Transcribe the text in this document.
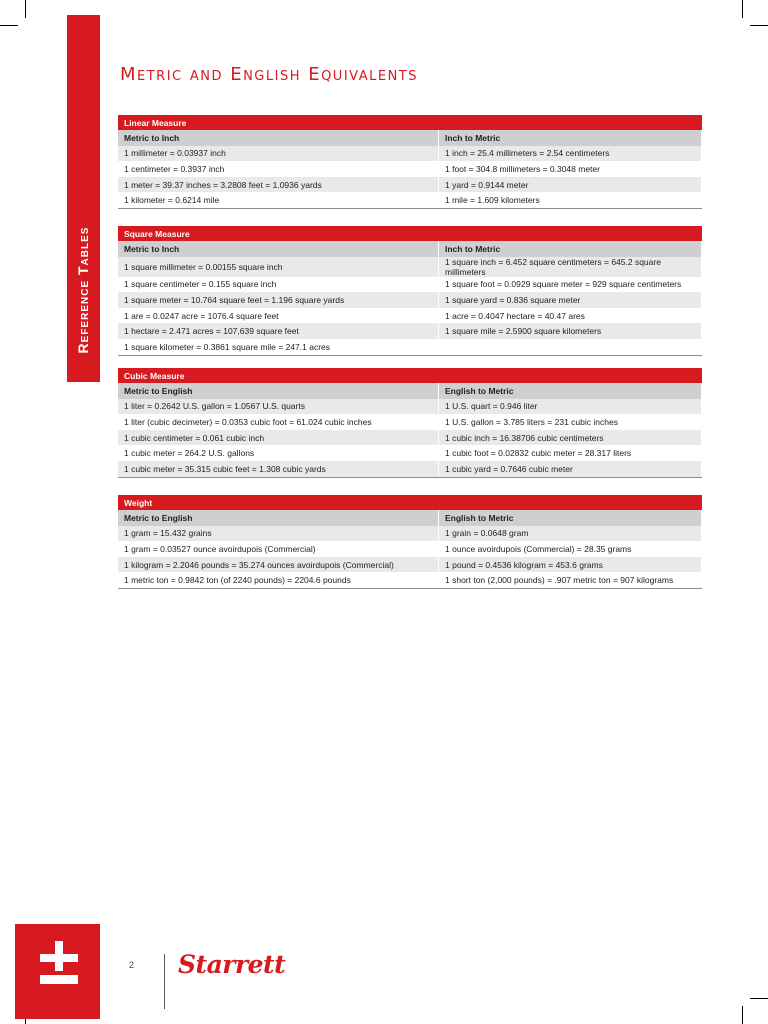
Reference Tables
Metric and English Equivalents
Linear Measure	
Metric to Inch	Inch to Metric
1 millimeter = 0.03937 inch	1 inch = 25.4 millimeters = 2.54 centimeters
1 centimeter = 0.3937 inch	1 foot = 304.8 millimeters = 0.3048 meter
1 meter = 39.37 inches = 3.2808 feet = 1.0936 yards	1 yard = 0.9144 meter
1 kilometer = 0.6214 mile	1 mile = 1.609 kilometers
Square Measure	
Metric to Inch	Inch to Metric
1 square millimeter = 0.00155 square inch	1 square inch = 6.452 square centimeters = 645.2 square millimeters
1 square centimeter = 0.155 square inch	1 square foot = 0.0929 square meter = 929 square centimeters
1 square meter = 10.764 square feet = 1.196 square yards	1 square yard = 0.836 square meter
1 are = 0.0247 acre = 1076.4 square feet	1 acre = 0.4047 hectare = 40.47 ares
1 hectare = 2.471 acres = 107,639 square feet	1 square mile = 2.5900 square kilometers
1 square kilometer = 0.3861 square mile = 247.1 acres	
Cubic Measure	
Metric to English	English to Metric
1 liter = 0.2642 U.S. gallon = 1.0567 U.S. quarts	1 U.S. quart = 0.946 liter
1 liter (cubic decimeter) = 0.0353 cubic foot = 61.024 cubic inches	1 U.S. gallon = 3.785 liters = 231 cubic inches
1 cubic centimeter = 0.061 cubic inch	1 cubic inch = 16.38706 cubic centimeters
1 cubic meter = 264.2 U.S. gallons	1 cubic foot = 0.02832 cubic meter = 28.317 liters
1 cubic meter = 35.315 cubic feet = 1.308 cubic yards	1 cubic yard = 0.7646 cubic meter
Weight	
Metric to English	English to Metric
1 gram = 15.432 grains	1 grain = 0.0648 gram
1 gram = 0.03527 ounce avoirdupois (Commercial)	1 ounce avoirdupois (Commercial) = 28.35 grams
1 kilogram = 2.2046 pounds = 35.274 ounces avoirdupois (Commercial)	1 pound = 0.4536 kilogram = 453.6 grams
1 metric ton = 0.9842 ton (of 2240 pounds) = 2204.6 pounds	1 short ton (2,000 pounds) = .907 metric ton = 907 kilograms
2 Starrett
